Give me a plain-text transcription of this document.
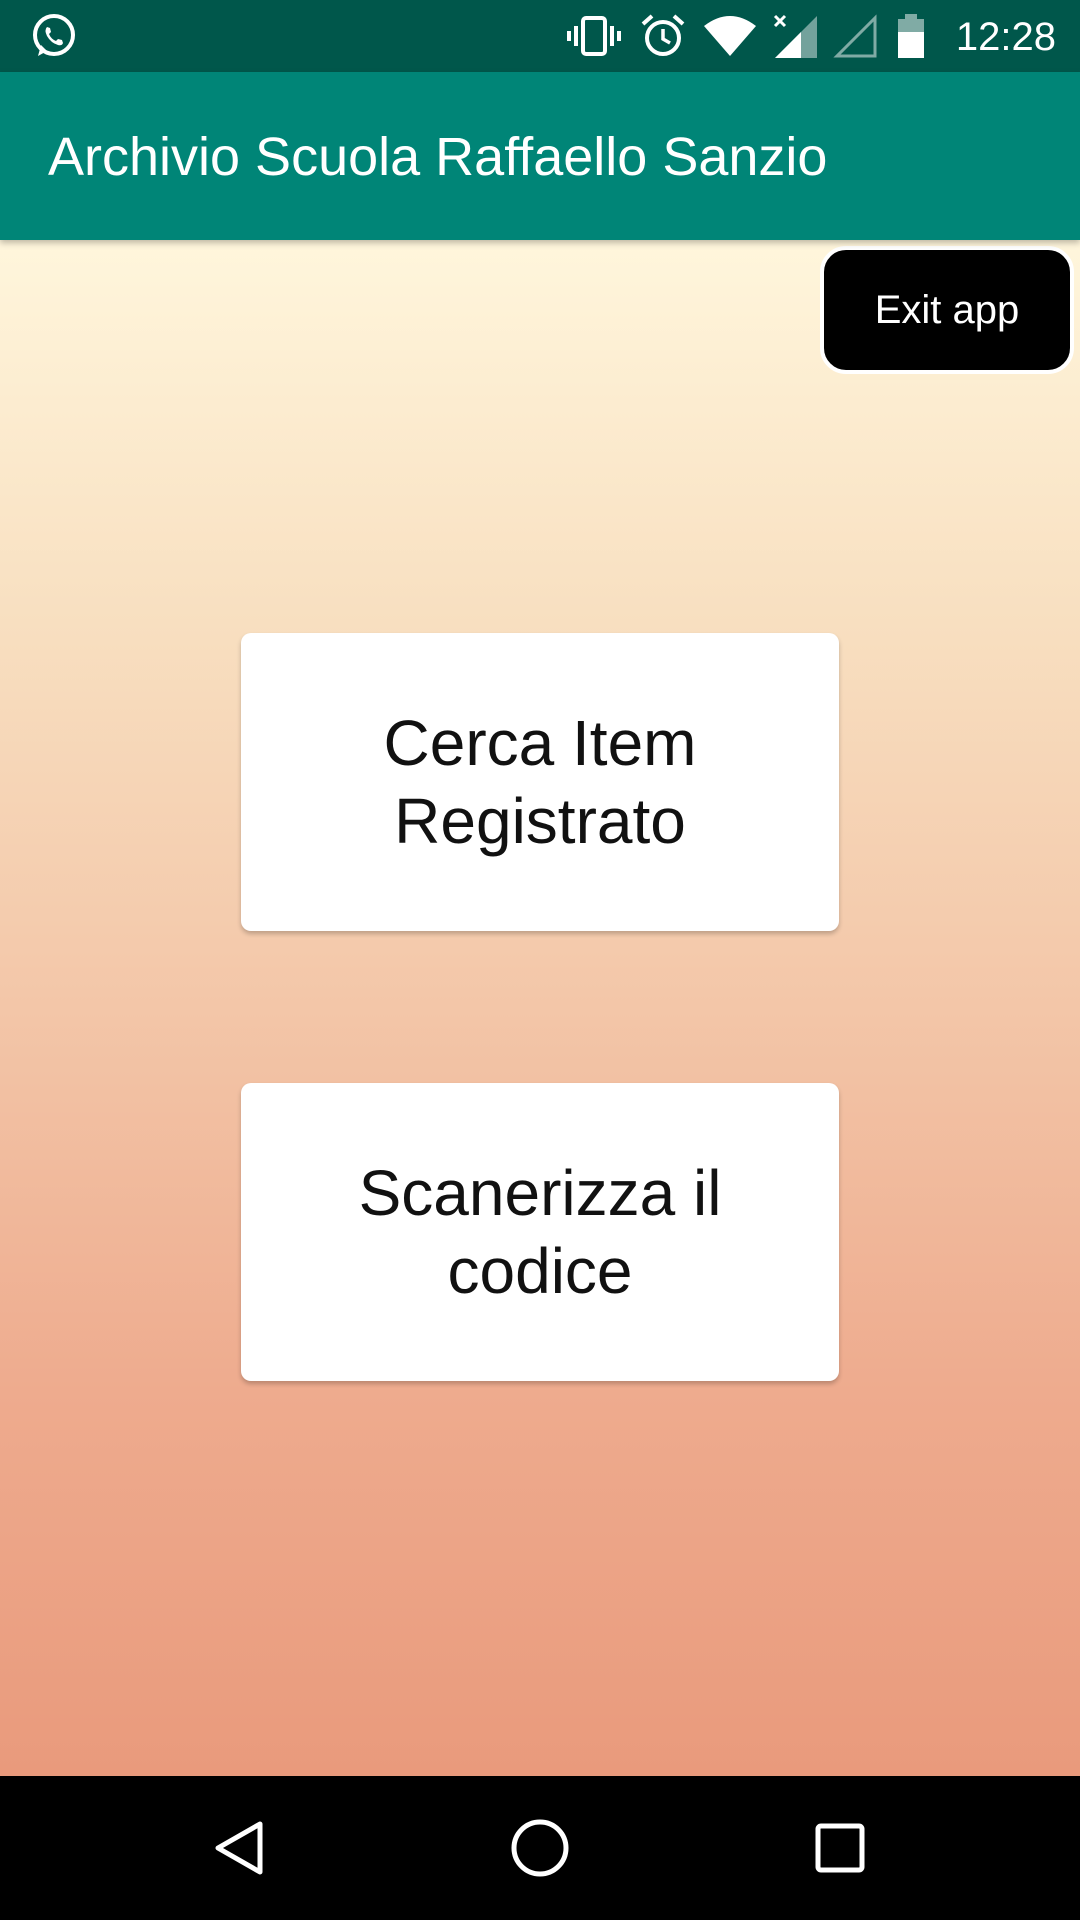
12:28
Archivio Scuola Raffaello Sanzio
Exit app
Cerca Item Registrato
Scanerizza il codice
